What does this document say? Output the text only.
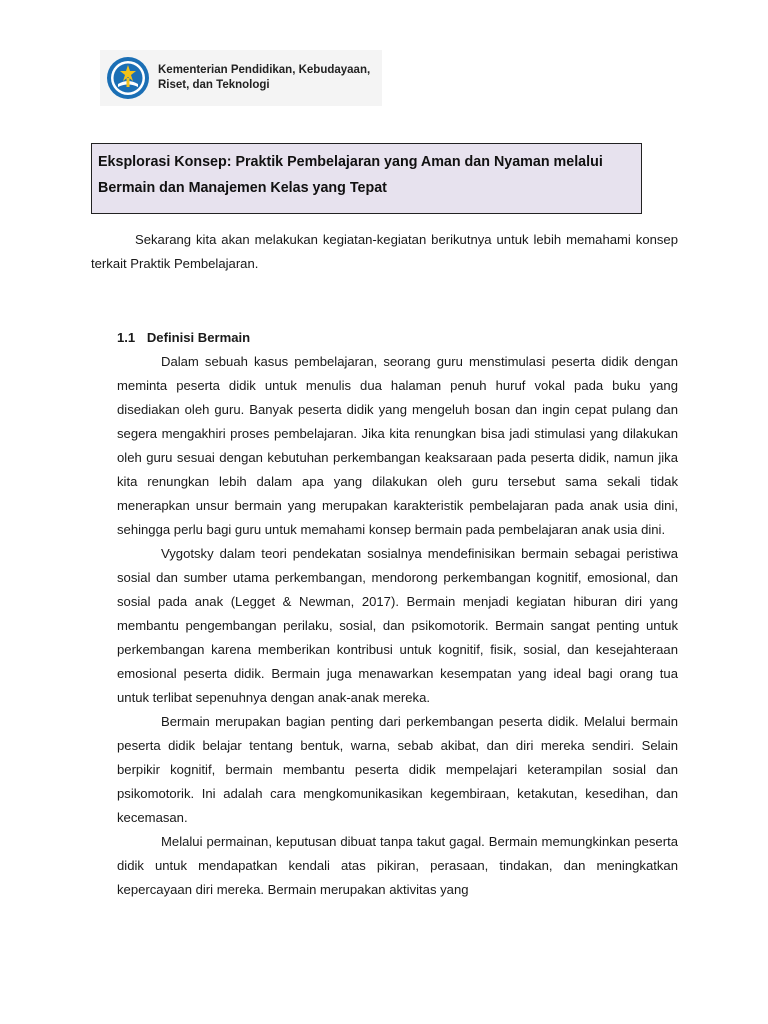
Kementerian Pendidikan, Kebudayaan,
Riset, dan Teknologi
Eksplorasi Konsep: Praktik Pembelajaran yang Aman dan Nyaman melalui
Bermain dan Manajemen Kelas yang Tepat

Sekarang kita akan melakukan kegiatan-kegiatan berikutnya untuk lebih memahami konsep terkait Praktik Pembelajaran.

1.1 Definisi Bermain

Dalam sebuah kasus pembelajaran, seorang guru menstimulasi peserta didik dengan meminta peserta didik untuk menulis dua halaman penuh huruf vokal pada buku yang disediakan oleh guru. Banyak peserta didik yang mengeluh bosan dan ingin cepat pulang dan segera mengakhiri proses pembelajaran. Jika kita renungkan bisa jadi stimulasi yang dilakukan oleh guru sesuai dengan kebutuhan perkembangan keaksaraan pada peserta didik, namun jika kita renungkan lebih dalam apa yang dilakukan oleh guru tersebut sama sekali tidak menerapkan unsur bermain yang merupakan karakteristik pembelajaran pada anak usia dini, sehingga perlu bagi guru untuk memahami konsep bermain pada pembelajaran anak usia dini.

Vygotsky dalam teori pendekatan sosialnya mendefinisikan bermain sebagai peristiwa sosial dan sumber utama perkembangan, mendorong perkembangan kognitif, emosional, dan sosial pada anak (Legget & Newman, 2017). Bermain menjadi kegiatan hiburan diri yang membantu pengembangan perilaku, sosial, dan psikomotorik. Bermain sangat penting untuk perkembangan karena memberikan kontribusi untuk kognitif, fisik, sosial, dan kesejahteraan emosional peserta didik. Bermain juga menawarkan kesempatan yang ideal bagi orang tua untuk terlibat sepenuhnya dengan anak-anak mereka.

Bermain merupakan bagian penting dari perkembangan peserta didik. Melalui bermain peserta didik belajar tentang bentuk, warna, sebab akibat, dan diri mereka sendiri. Selain berpikir kognitif, bermain membantu peserta didik mempelajari keterampilan sosial dan psikomotorik. Ini adalah cara mengkomunikasikan kegembiraan, ketakutan, kesedihan, dan kecemasan.

Melalui permainan, keputusan dibuat tanpa takut gagal. Bermain memungkinkan peserta didik untuk mendapatkan kendali atas pikiran, perasaan, tindakan, dan meningkatkan kepercayaan diri mereka. Bermain merupakan aktivitas yang
